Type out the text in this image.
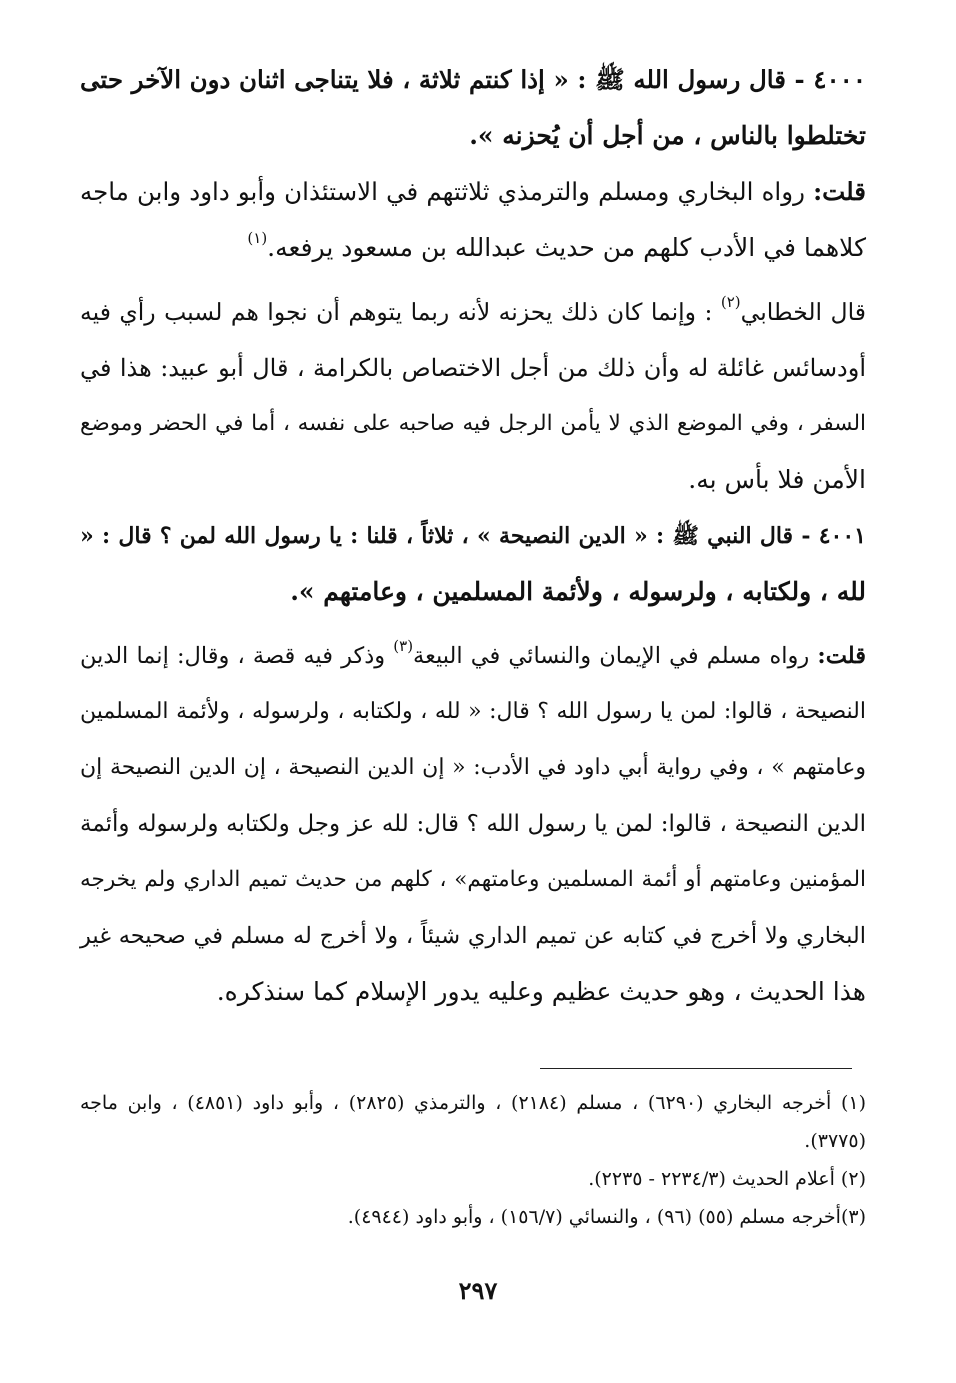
٤٠٠٠ - قال رسول الله ﷺ : « إذا كنتم ثلاثة ، فلا يتناجى اثنان دون الآخر حتى
تختلطوا بالناس ، من أجل أن يُحزنه ».
قلت: رواه البخاري ومسلم والترمذي ثلاثتهم في الاستئذان وأبو داود وابن ماجه
كلاهما في الأدب كلهم من حديث عبدالله بن مسعود يرفعه.$^{(١)}$
قال الخطابي$^{(٢)}$ : وإنما كان ذلك يحزنه لأنه ربما يتوهم أن نجوا هم لسبب رأي فيه
أودسائس غائلة له وأن ذلك من أجل الاختصاص بالكرامة ، قال أبو عبيد: هذا في
السفر ، وفي الموضع الذي لا يأمن الرجل فيه صاحبه على نفسه ، أما في الحضر وموضع
الأمن فلا بأس به.
٤٠٠١ - قال النبي ﷺ : « الدين النصيحة » ، ثلاثاً ، قلنا : يا رسول الله لمن ؟ قال : «
لله ، ولكتابه ، ولرسوله ، ولأئمة المسلمين ، وعامتهم ».
قلت: رواه مسلم في الإيمان والنسائي في البيعة$^{(٣)}$ وذكر فيه قصة ، وقال: إنما الدين
النصيحة ، قالوا: لمن يا رسول الله ؟ قال: « لله ، ولكتابه ، ولرسوله ، ولأئمة المسلمين
وعامتهم » ، وفي رواية أبي داود في الأدب: « إن الدين النصيحة ، إن الدين النصيحة إن
الدين النصيحة ، قالوا: لمن يا رسول الله ؟ قال: لله عز وجل ولكتابه ولرسوله وأئمة
المؤمنين وعامتهم أو أئمة المسلمين وعامتهم» ، كلهم من حديث تميم الداري ولم يخرجه
البخاري ولا أخرج في كتابه عن تميم الداري شيئاً ، ولا أخرج له مسلم في صحيحه غير
هذا الحديث ، وهو حديث عظيم وعليه يدور الإسلام كما سنذكره.
(١) أخرجه البخاري (٦٢٩٠) ، مسلم (٢١٨٤) ، والترمذي (٢٨٢٥) ، وأبو داود (٤٨٥١) ، وابن ماجه
(٣٧٧٥).
(٢) أعلام الحديث (٢٢٣٤/٣ - ٢٢٣٥).
(٣)أخرجه مسلم (٥٥) (٩٦) ، والنسائي (١٥٦/٧) ، وأبو داود (٤٩٤٤).
٢٩٧
